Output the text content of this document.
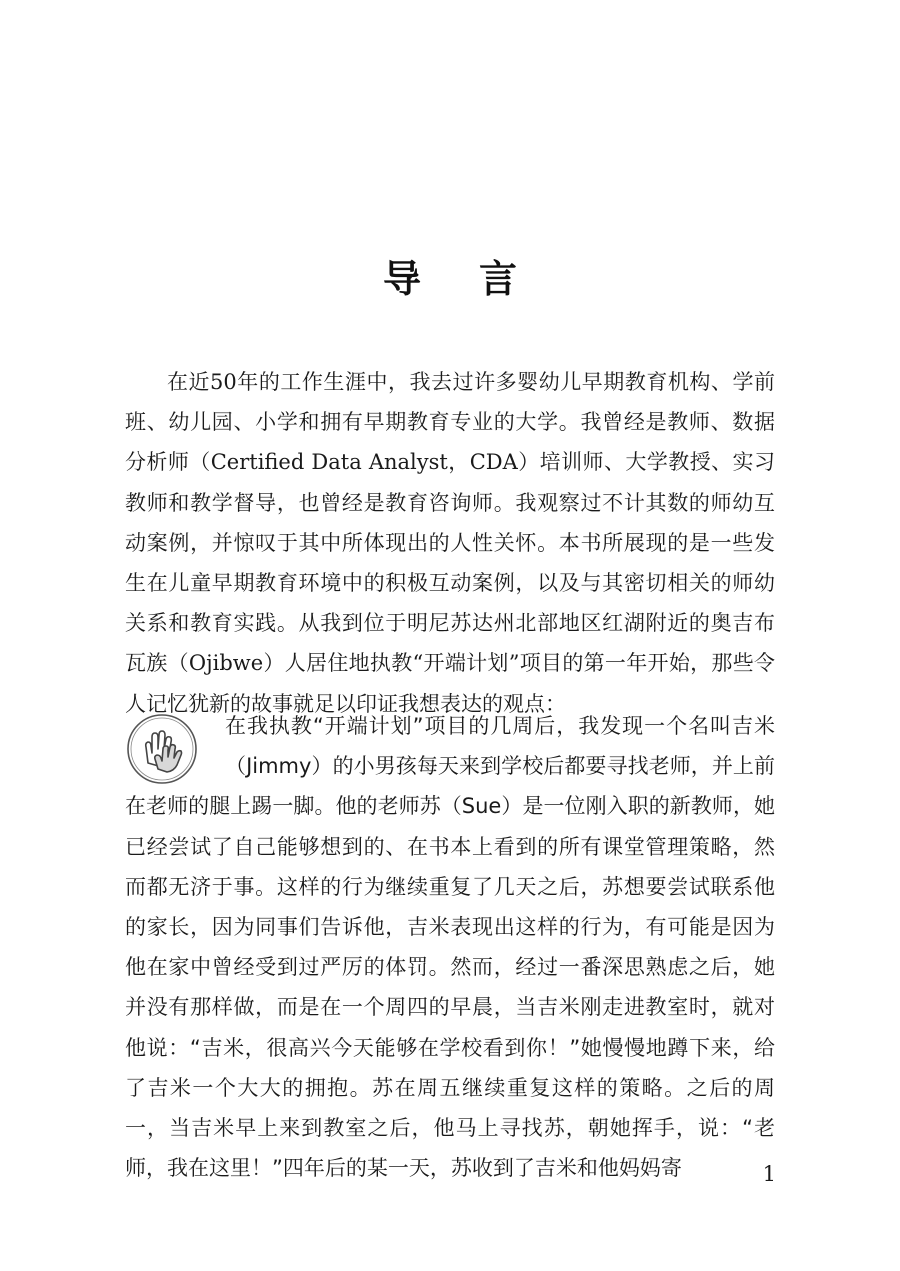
导言

在近50年的工作生涯中，我去过许多婴幼儿早期教育机构、学前班、幼儿园、小学和拥有早期教育专业的大学。我曾经是教师、数据分析师（Certified Data Analyst，CDA）培训师、大学教授、实习教师和教学督导，也曾经是教育咨询师。我观察过不计其数的师幼互动案例，并惊叹于其中所体现出的人性关怀。本书所展现的是一些发生在儿童早期教育环境中的积极互动案例，以及与其密切相关的师幼关系和教育实践。从我到位于明尼苏达州北部地区红湖附近的奥吉布瓦族（Ojibwe）人居住地执教“开端计划”项目的第一年开始，那些令人记忆犹新的故事就足以印证我想表达的观点：

在我执教“开端计划”项目的几周后，我发现一个名叫吉米（Jimmy）的小男孩每天来到学校后都要寻找老师，并上前在老师的腿上踢一脚。他的老师苏（Sue）是一位刚入职的新教师，她已经尝试了自己能够想到的、在书本上看到的所有课堂管理策略，然而都无济于事。这样的行为继续重复了几天之后，苏想要尝试联系他的家长，因为同事们告诉他，吉米表现出这样的行为，有可能是因为他在家中曾经受到过严厉的体罚。然而，经过一番深思熟虑之后，她并没有那样做，而是在一个周四的早晨，当吉米刚走进教室时，就对他说：“吉米，很高兴今天能够在学校看到你！”她慢慢地蹲下来，给了吉米一个大大的拥抱。苏在周五继续重复这样的策略。之后的周一，当吉米早上来到教室之后，他马上寻找苏，朝她挥手，说：“老师，我在这里！”四年后的某一天，苏收到了吉米和他妈妈寄	1
